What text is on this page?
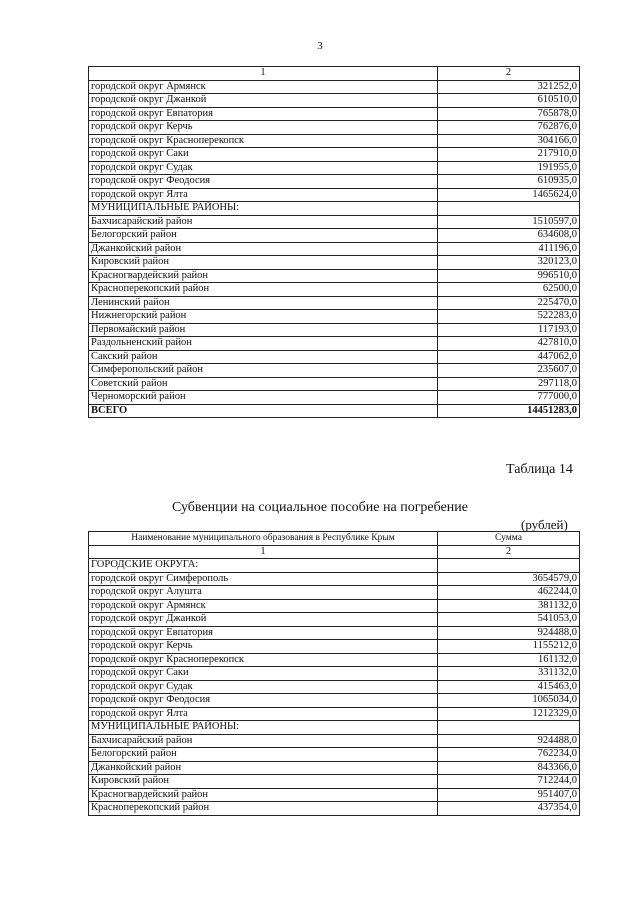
3
1	2
городской округ Армянск	321252,0
городской округ Джанкой	610510,0
городской округ Евпатория	765878,0
городской округ Керчь	762876,0
городской округ Красноперекопск	304166,0
городской округ Саки	217910,0
городской округ Судак	191955,0
городской округ Феодосия	610935,0
городской округ Ялта	1465624,0
МУНИЦИПАЛЬНЫЕ РАЙОНЫ:	
Бахчисарайский район	1510597,0
Белогорский район	634608,0
Джанкойский район	411196,0
Кировский район	320123,0
Красногвардейский район	996510,0
Красноперекопский район	62500,0
Ленинский район	225470,0
Нижнегорский район	522283,0
Первомайский район	117193,0
Раздольненский район	427810,0
Сакский район	447062,0
Симферопольский район	235607,0
Советский район	297118,0
Черноморский район	777000,0
ВСЕГО	14451283,0
Таблица 14
Субвенции на социальное пособие на погребение
(рублей)
Наименование муниципального образования в Республике Крым	Сумма
1	2
ГОРОДСКИЕ ОКРУГА:	
городской округ Симферополь	3654579,0
городской округ Алушта	462244,0
городской округ Армянск	381132,0
городской округ Джанкой	541053,0
городской округ Евпатория	924488,0
городской округ Керчь	1155212,0
городской округ Красноперекопск	161132,0
городской округ Саки	331132,0
городской округ Судак	415463,0
городской округ Феодосия	1065034,0
городской округ Ялта	1212329,0
МУНИЦИПАЛЬНЫЕ РАЙОНЫ:	
Бахчисарайский район	924488,0
Белогорский район	762234,0
Джанкойский район	843366,0
Кировский район	712244,0
Красногвардейский район	951407,0
Красноперекопский район	437354,0
